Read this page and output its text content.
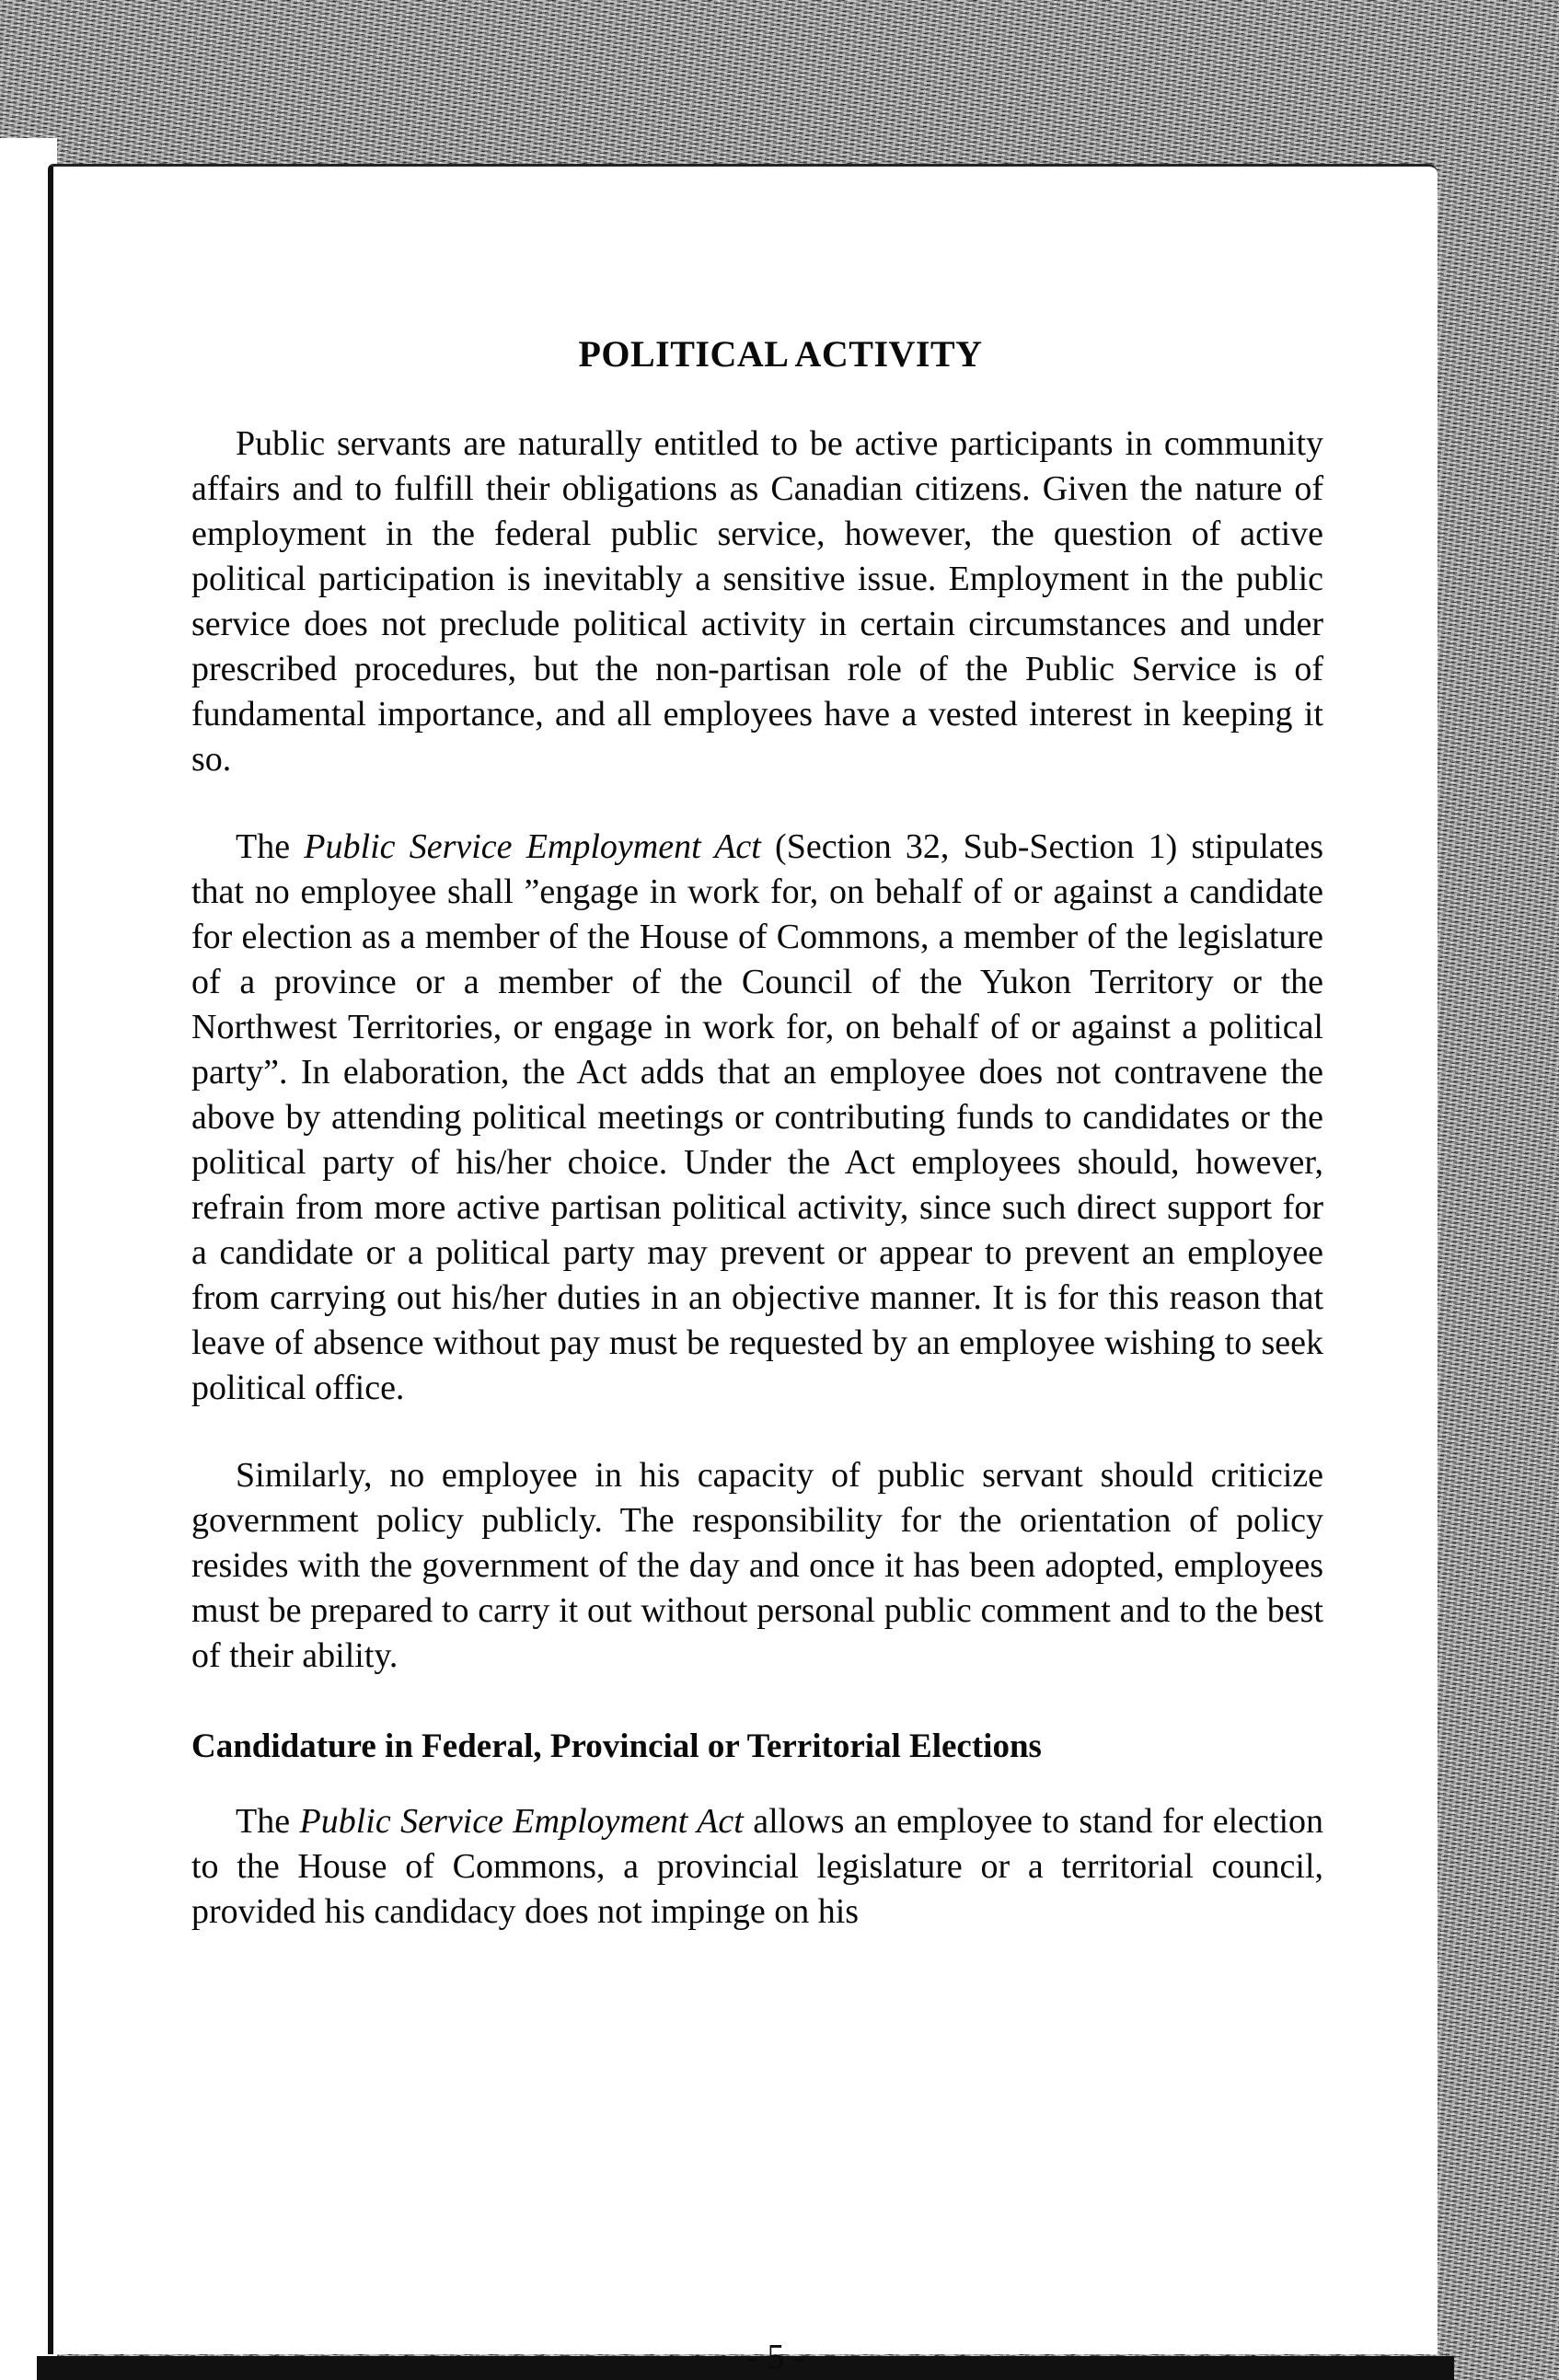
POLITICAL ACTIVITY

Public servants are naturally entitled to be active participants in community affairs and to fulfill their obligations as Canadian citizens. Given the nature of employment in the federal public service, however, the question of active political participation is inevitably a sensitive issue. Employment in the public service does not preclude political activity in certain circumstances and under prescribed procedures, but the non-partisan role of the Public Service is of fundamental importance, and all employees have a vested interest in keeping it so.

The Public Service Employment Act (Section 32, Sub-Section 1) stipulates that no employee shall ”engage in work for, on behalf of or against a candidate for election as a member of the House of Commons, a member of the legislature of a province or a member of the Council of the Yukon Territory or the Northwest Territories, or engage in work for, on behalf of or against a political party”. In elaboration, the Act adds that an employee does not contravene the above by attending political meetings or contributing funds to candidates or the political party of his/her choice. Under the Act employees should, however, refrain from more active partisan political activity, since such direct support for a candidate or a political party may prevent or appear to prevent an employee from carrying out his/her duties in an objective manner. It is for this reason that leave of absence without pay must be requested by an employee wishing to seek political office.

Similarly, no employee in his capacity of public servant should criticize government policy publicly. The responsibility for the orientation of policy resides with the government of the day and once it has been adopted, employees must be prepared to carry it out without personal public comment and to the best of their ability.

Candidature in Federal, Provincial or Territorial Elections

The Public Service Employment Act allows an employee to stand for election to the House of Commons, a provincial legislature or a territorial council, provided his candidacy does not impinge on his

- 5 -
